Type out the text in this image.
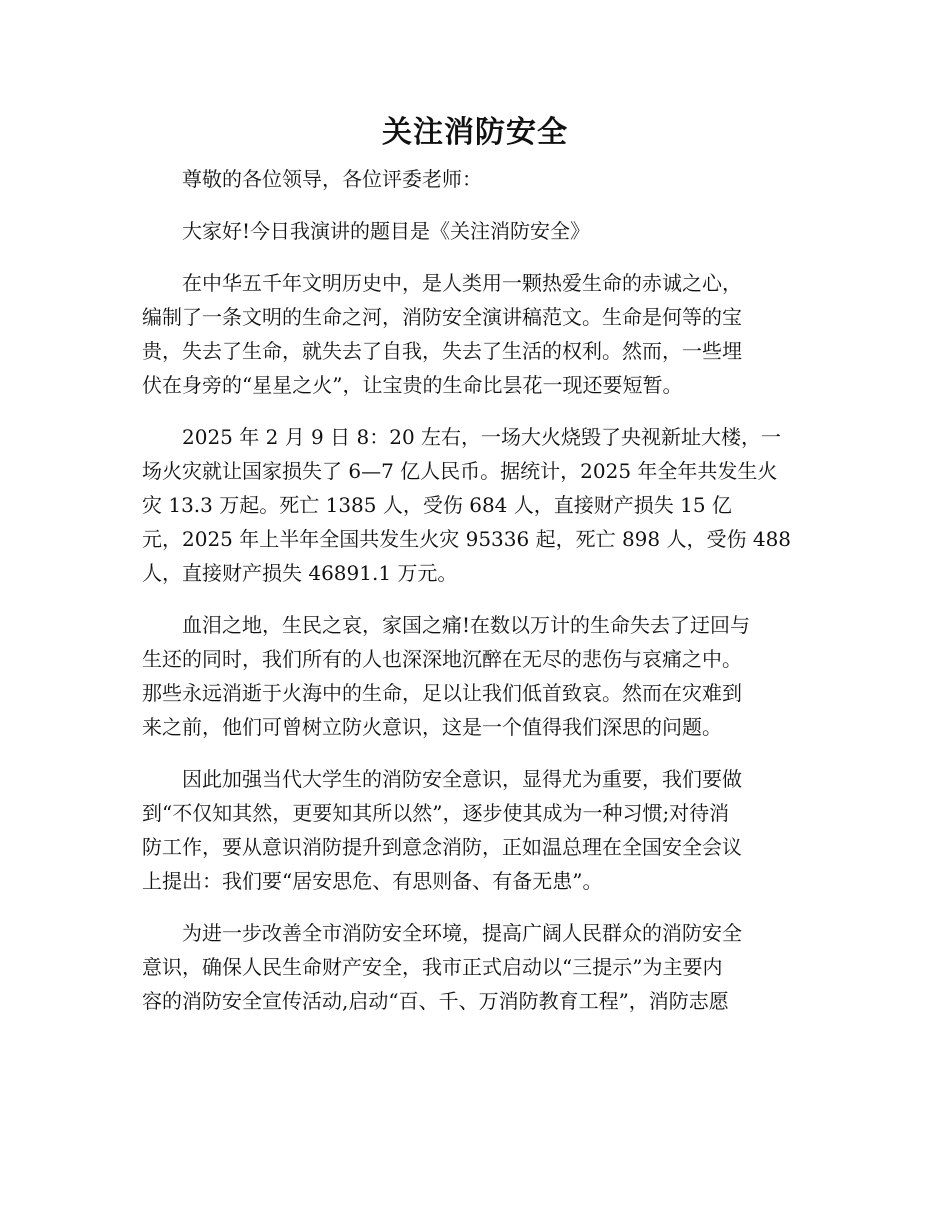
关注消防安全

尊敬的各位领导，各位评委老师：

大家好!今日我演讲的题目是《关注消防安全》

在中华五千年文明历史中，是人类用一颗热爱生命的赤诚之心，
编制了一条文明的生命之河，消防安全演讲稿范文。生命是何等的宝
贵，失去了生命，就失去了自我，失去了生活的权利。然而，一些埋
伏在身旁的“星星之火”，让宝贵的生命比昙花一现还要短暂。

2025 年 2 月 9 日 8：20 左右，一场大火烧毁了央视新址大楼，一
场火灾就让国家损失了 6—7 亿人民币。据统计，2025 年全年共发生火
灾 13.3 万起。死亡 1385 人，受伤 684 人，直接财产损失 15 亿
元，2025 年上半年全国共发生火灾 95336 起，死亡 898 人，受伤 488
人，直接财产损失 46891.1 万元。

血泪之地，生民之哀，家国之痛!在数以万计的生命失去了迂回与
生还的同时，我们所有的人也深深地沉醉在无尽的悲伤与哀痛之中。
那些永远消逝于火海中的生命，足以让我们低首致哀。然而在灾难到
来之前，他们可曾树立防火意识，这是一个值得我们深思的问题。

因此加强当代大学生的消防安全意识，显得尤为重要，我们要做
到“不仅知其然，更要知其所以然”，逐步使其成为一种习惯;对待消
防工作，要从意识消防提升到意念消防，正如温总理在全国安全会议
上提出：我们要“居安思危、有思则备、有备无患”。

为进一步改善全市消防安全环境，提高广阔人民群众的消防安全
意识，确保人民生命财产安全，我市正式启动以“三提示”为主要内
容的消防安全宣传活动,启动“百、千、万消防教育工程”，消防志愿
